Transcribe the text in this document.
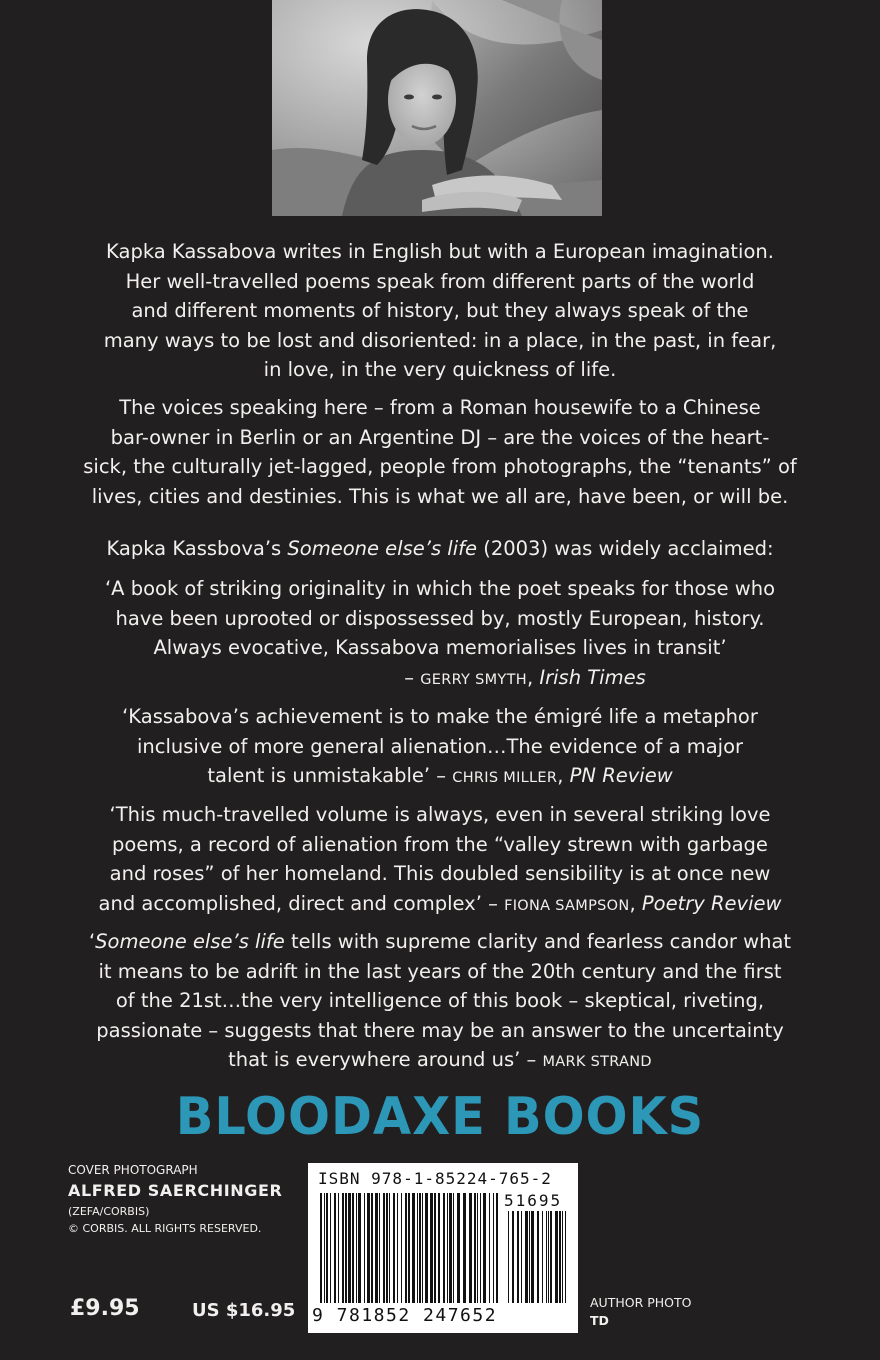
Kapka Kassabova writes in English but with a European imagination.
Her well-travelled poems speak from different parts of the world
and different moments of history, but they always speak of the
many ways to be lost and disoriented: in a place, in the past, in fear,
in love, in the very quickness of life.

The voices speaking here – from a Roman housewife to a Chinese
bar-owner in Berlin or an Argentine DJ – are the voices of the heart-
sick, the culturally jet-lagged, people from photographs, the “tenants” of
lives, cities and destinies. This is what we all are, have been, or will be.

Kapka Kassbova’s Someone else’s life (2003) was widely acclaimed:

‘A book of striking originality in which the poet speaks for those who
have been uprooted or dispossessed by, mostly European, history.
Always evocative, Kassabova memorialises lives in transit’
– GERRY SMYTH, Irish Times

‘Kassabova’s achievement is to make the émigré life a metaphor
inclusive of more general alienation…The evidence of a major
talent is unmistakable’ – CHRIS MILLER, PN Review

‘This much-travelled volume is always, even in several striking love
poems, a record of alienation from the “valley strewn with garbage
and roses” of her homeland. This doubled sensibility is at once new
and accomplished, direct and complex’ – FIONA SAMPSON, Poetry Review

‘Someone else’s life tells with supreme clarity and fearless candor what
it means to be adrift in the last years of the 20th century and the first
of the 21st…the very intelligence of this book – skeptical, riveting,
passionate – suggests that there may be an answer to the uncertainty
that is everywhere around us’ – MARK STRAND

BLOODAXE BOOKS
COVER PHOTOGRAPH
ALFRED SAERCHINGER
(ZEFA/CORBIS)
© CORBIS. ALL RIGHTS RESERVED.
£9.95	US $16.95
ISBN 978-1-85224-765-2
51695
9 781852 247652
AUTHOR PHOTO
TD
